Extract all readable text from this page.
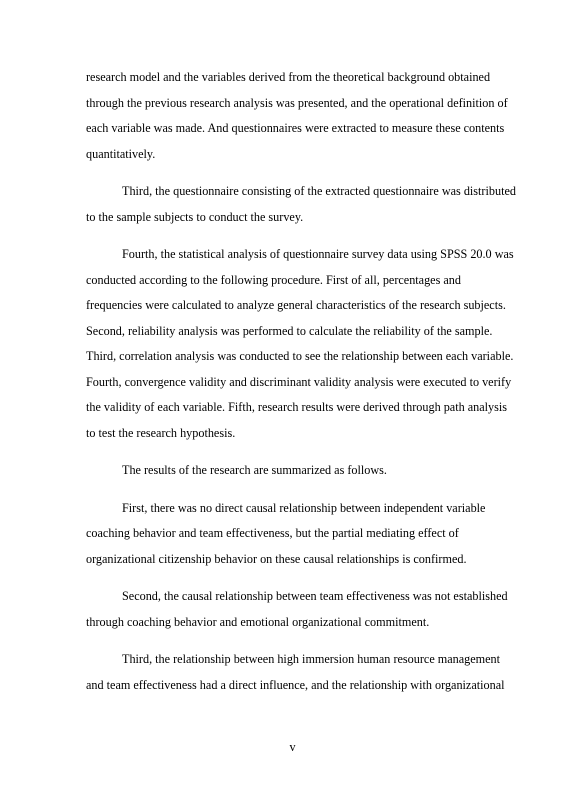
research model and the variables derived from the theoretical background obtained
through the previous research analysis was presented, and the operational definition of
each variable was made. And questionnaires were extracted to measure these contents
quantitatively.

Third, the questionnaire consisting of the extracted questionnaire was distributed
to the sample subjects to conduct the survey.

Fourth, the statistical analysis of questionnaire survey data using SPSS 20.0 was
conducted according to the following procedure. First of all, percentages and
frequencies were calculated to analyze general characteristics of the research subjects.
Second, reliability analysis was performed to calculate the reliability of the sample.
Third, correlation analysis was conducted to see the relationship between each variable.
Fourth, convergence validity and discriminant validity analysis were executed to verify
the validity of each variable. Fifth, research results were derived through path analysis
to test the research hypothesis.

The results of the research are summarized as follows.

First, there was no direct causal relationship between independent variable
coaching behavior and team effectiveness, but the partial mediating effect of
organizational citizenship behavior on these causal relationships is confirmed.

Second, the causal relationship between team effectiveness was not established
through coaching behavior and emotional organizational commitment.

Third, the relationship between high immersion human resource management
and team effectiveness had a direct influence, and the relationship with organizational

v
